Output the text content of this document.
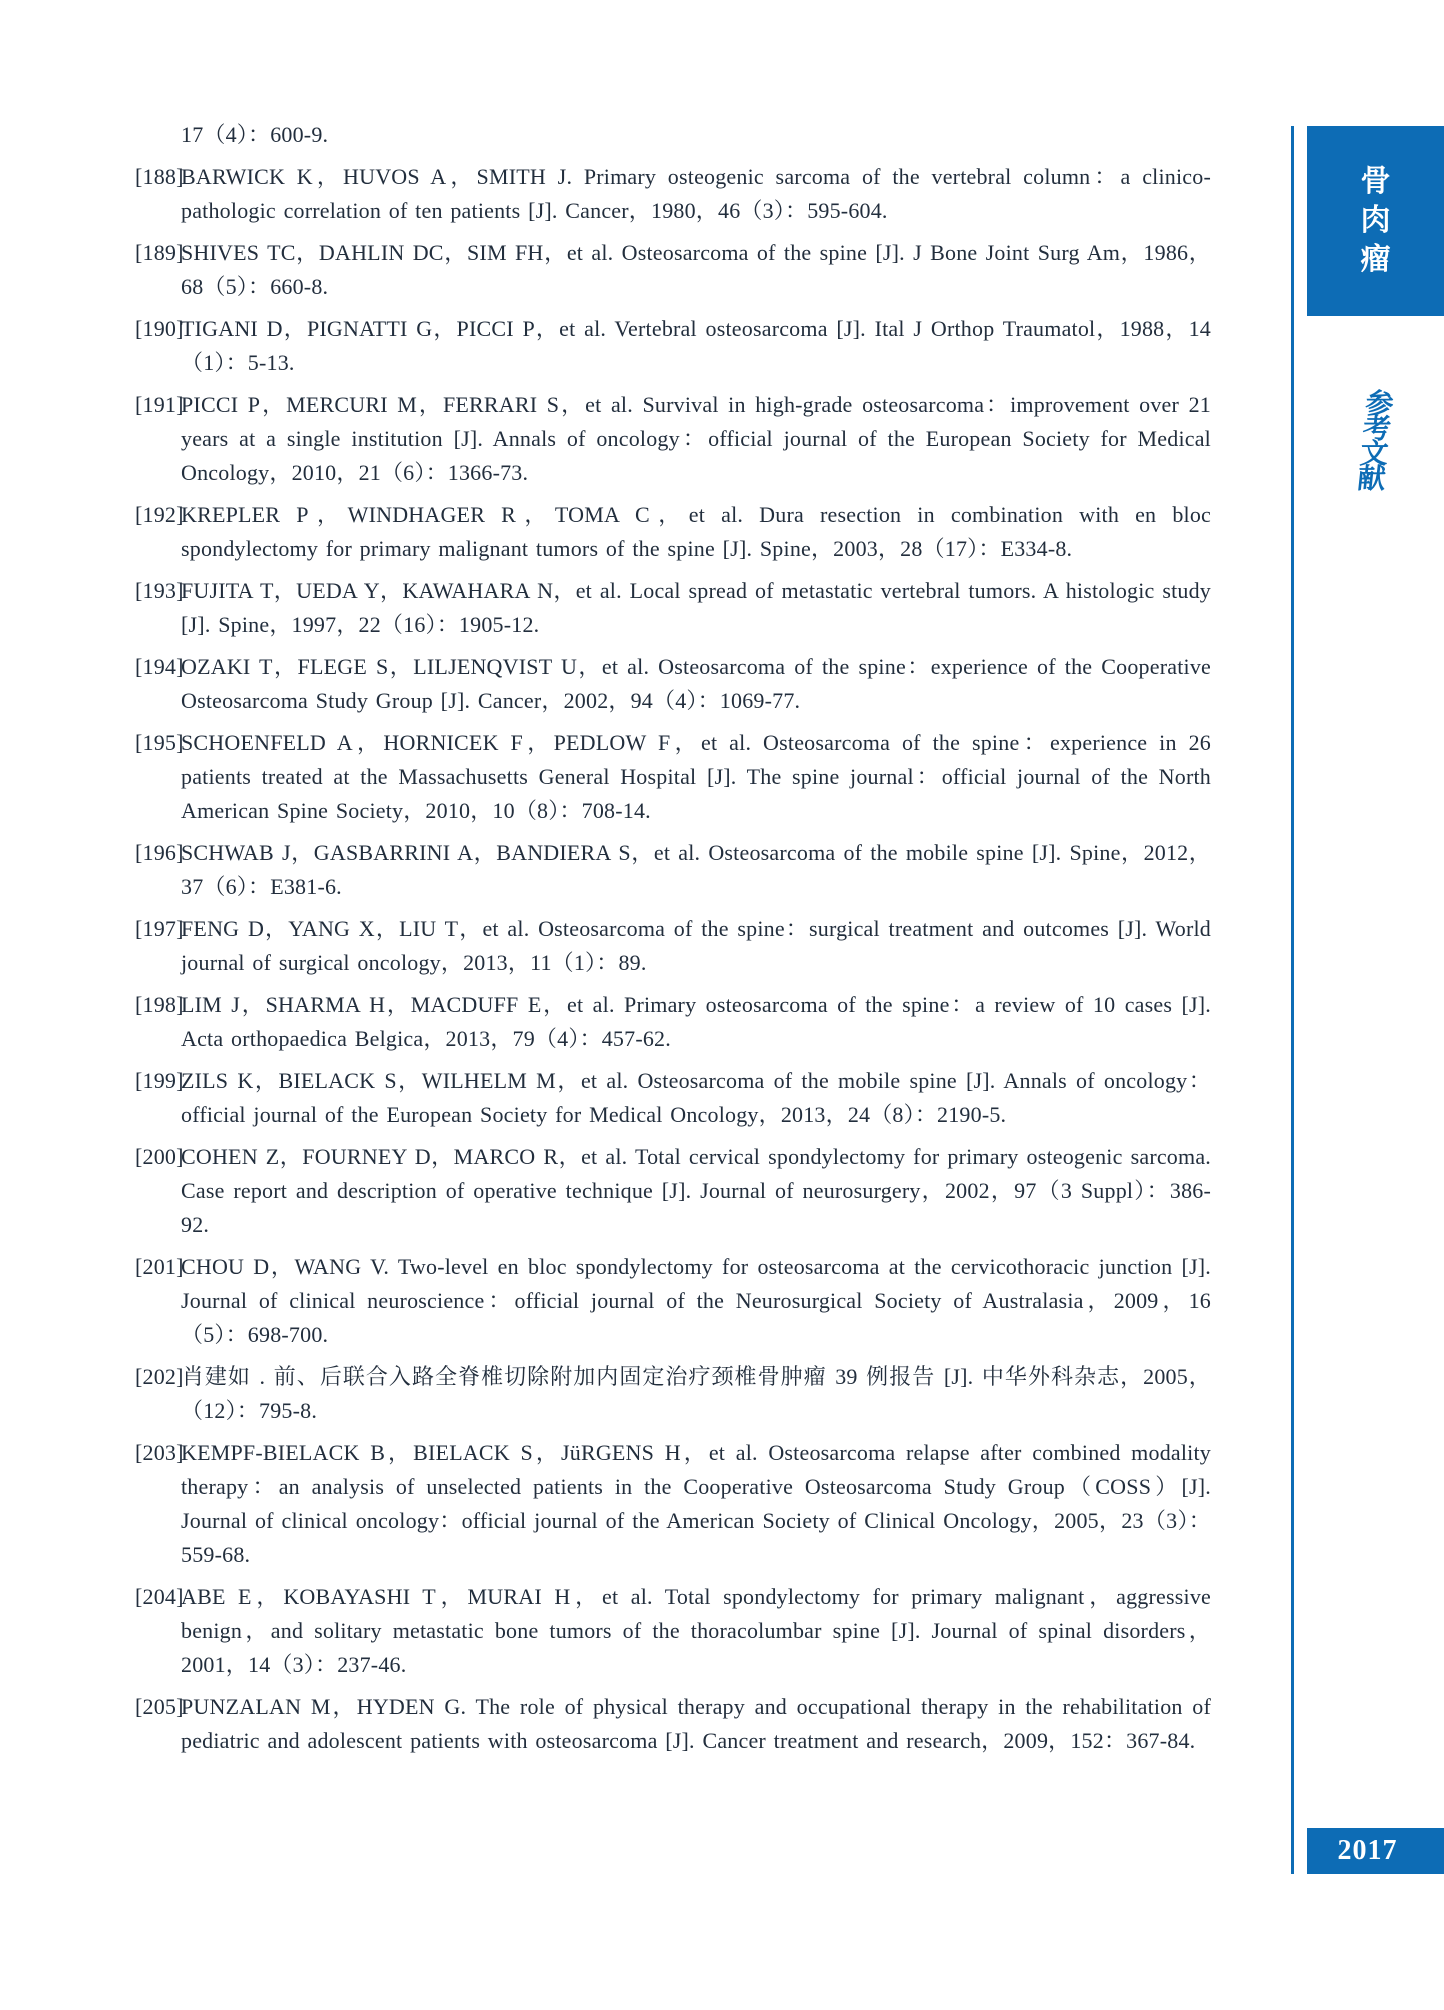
17（4）：600-9.

[188]BARWICK K，HUVOS A，SMITH J. Primary osteogenic sarcoma of the vertebral column：a clinico-pathologic correlation of ten patients [J]. Cancer，1980，46（3）：595-604.

[189]SHIVES TC，DAHLIN DC，SIM FH，et al. Osteosarcoma of the spine [J]. J Bone Joint Surg Am，1986，68（5）：660-8.

[190]TIGANI D，PIGNATTI G，PICCI P，et al. Vertebral osteosarcoma [J]. Ital J Orthop Traumatol，1988，14（1）：5-13.

[191]PICCI P，MERCURI M，FERRARI S，et al. Survival in high-grade osteosarcoma：improvement over 21 years at a single institution [J]. Annals of oncology：official journal of the European Society for Medical Oncology，2010，21（6）：1366-73.

[192]KREPLER P，WINDHAGER R，TOMA C，et al. Dura resection in combination with en bloc spondylectomy for primary malignant tumors of the spine [J]. Spine，2003，28（17）：E334-8.

[193]FUJITA T，UEDA Y，KAWAHARA N，et al. Local spread of metastatic vertebral tumors. A histologic study [J]. Spine，1997，22（16）：1905-12.

[194]OZAKI T，FLEGE S，LILJENQVIST U，et al. Osteosarcoma of the spine：experience of the Cooperative Osteosarcoma Study Group [J]. Cancer，2002，94（4）：1069-77.

[195]SCHOENFELD A，HORNICEK F，PEDLOW F，et al. Osteosarcoma of the spine：experience in 26 patients treated at the Massachusetts General Hospital [J]. The spine journal：official journal of the North American Spine Society，2010，10（8）：708-14.

[196]SCHWAB J，GASBARRINI A，BANDIERA S，et al. Osteosarcoma of the mobile spine [J]. Spine，2012，37（6）：E381-6.

[197]FENG D，YANG X，LIU T，et al. Osteosarcoma of the spine：surgical treatment and outcomes [J]. World journal of surgical oncology，2013，11（1）：89.

[198]LIM J，SHARMA H，MACDUFF E，et al. Primary osteosarcoma of the spine：a review of 10 cases [J]. Acta orthopaedica Belgica，2013，79（4）：457-62.

[199]ZILS K，BIELACK S，WILHELM M，et al. Osteosarcoma of the mobile spine [J]. Annals of oncology：official journal of the European Society for Medical Oncology，2013，24（8）：2190-5.

[200]COHEN Z，FOURNEY D，MARCO R，et al. Total cervical spondylectomy for primary osteogenic sarcoma. Case report and description of operative technique [J]. Journal of neurosurgery，2002，97（3 Suppl）：386-92.

[201]CHOU D，WANG V. Two-level en bloc spondylectomy for osteosarcoma at the cervicothoracic junction [J]. Journal of clinical neuroscience：official journal of the Neurosurgical Society of Australasia，2009，16（5）：698-700.

[202]肖建如 . 前、后联合入路全脊椎切除附加内固定治疗颈椎骨肿瘤 39 例报告 [J]. 中华外科杂志，2005，（12）：795-8.

[203]KEMPF-BIELACK B，BIELACK S，JüRGENS H，et al. Osteosarcoma relapse after combined modality therapy：an analysis of unselected patients in the Cooperative Osteosarcoma Study Group（COSS）[J]. Journal of clinical oncology：official journal of the American Society of Clinical Oncology，2005，23（3）：559-68.

[204]ABE E，KOBAYASHI T，MURAI H，et al. Total spondylectomy for primary malignant，aggressive benign，and solitary metastatic bone tumors of the thoracolumbar spine [J]. Journal of spinal disorders，2001，14（3）：237-46.

[205]PUNZALAN M，HYDEN G. The role of physical therapy and occupational therapy in the rehabilitation of pediatric and adolescent patients with osteosarcoma [J]. Cancer treatment and research，2009，152：367-84.

骨
肉
瘤
参
考
文
献
2017
